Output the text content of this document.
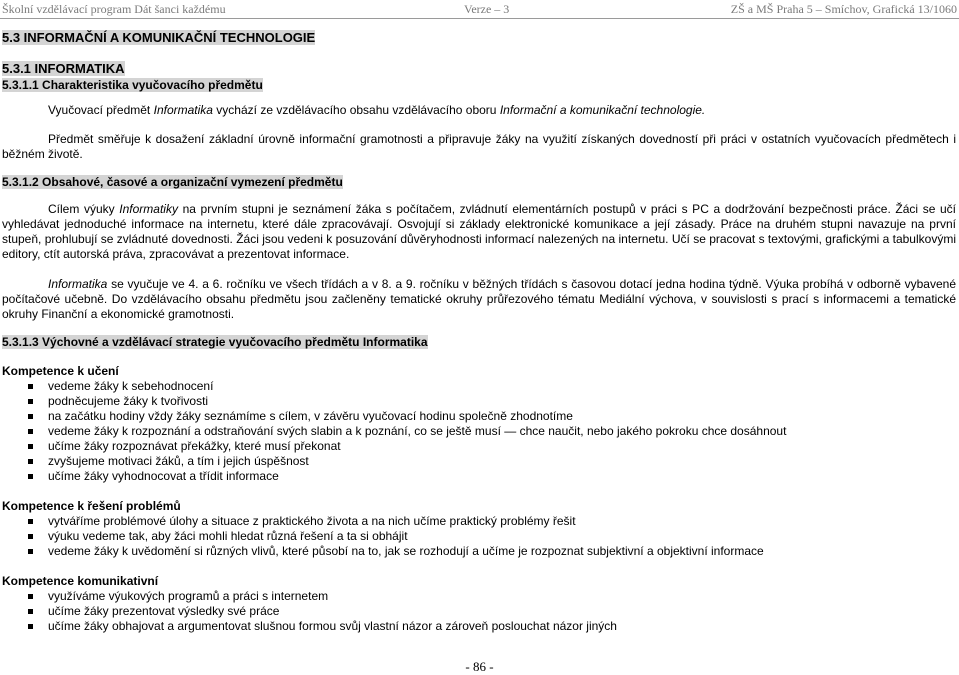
Školní vzdělávací program Dát šanci každému	Verze – 3	ZŠ a MŠ Praha 5 – Smíchov, Grafická 13/1060

5.3 INFORMAČNÍ A KOMUNIKAČNÍ TECHNOLOGIE

5.3.1 INFORMATIKA

5.3.1.1 Charakteristika vyučovacího předmětu

Vyučovací předmět Informatika vychází ze vzdělávacího obsahu vzdělávacího oboru Informační a komunikační technologie.

Předmět směřuje k dosažení základní úrovně informační gramotnosti a připravuje žáky na využití získaných dovedností při práci v ostatních vyučovacích předmětech i běžném životě.

5.3.1.2 Obsahové, časové a organizační vymezení předmětu

Cílem výuky Informatiky na prvním stupni je seznámení žáka s počítačem, zvládnutí elementárních postupů v práci s PC a dodržování bezpečnosti práce. Žáci se učí vyhledávat jednoduché informace na internetu, které dále zpracovávají. Osvojují si základy elektronické komunikace a její zásady. Práce na druhém stupni navazuje na první stupeň, prohlubují se zvládnuté dovednosti. Žáci jsou vedeni k posuzování důvěryhodnosti informací nalezených na internetu. Učí se pracovat s textovými, grafickými a tabulkovými editory, ctít autorská práva, zpracovávat a prezentovat informace.

Informatika se vyučuje ve 4. a 6. ročníku ve všech třídách a v 8. a 9. ročníku v běžných třídách s časovou dotací jedna hodina týdně. Výuka probíhá v odborně vybavené počítačové učebně. Do vzdělávacího obsahu předmětu jsou začleněny tematické okruhy průřezového tématu Mediální výchova, v souvislosti s prací s informacemi a tematické okruhy Finanční a ekonomické gramotnosti.

5.3.1.3 Výchovné a vzdělávací strategie vyučovacího předmětu Informatika

Kompetence k učení

vedeme žáky k sebehodnocení
podněcujeme žáky k tvořivosti
na začátku hodiny vždy žáky seznámíme s cílem, v závěru vyučovací hodinu společně zhodnotíme
vedeme žáky k rozpoznání a odstraňování svých slabin a k poznání, co se ještě musí — chce naučit, nebo jakého pokroku chce dosáhnout
učíme žáky rozpoznávat překážky, které musí překonat
zvyšujeme motivaci žáků, a tím i jejich úspěšnost
učíme žáky vyhodnocovat a třídit informace

Kompetence k řešení problémů

vytváříme problémové úlohy a situace z praktického života a na nich učíme praktický problémy řešit
výuku vedeme tak, aby žáci mohli hledat různá řešení a ta si obhájit
vedeme žáky k uvědomění si různých vlivů, které působí na to, jak se rozhodují a učíme je rozpoznat subjektivní a objektivní informace

Kompetence komunikativní

využíváme výukových programů a práci s internetem
učíme žáky prezentovat výsledky své práce
učíme žáky obhajovat a argumentovat slušnou formou svůj vlastní názor a zároveň poslouchat názor jiných
- 86 -
